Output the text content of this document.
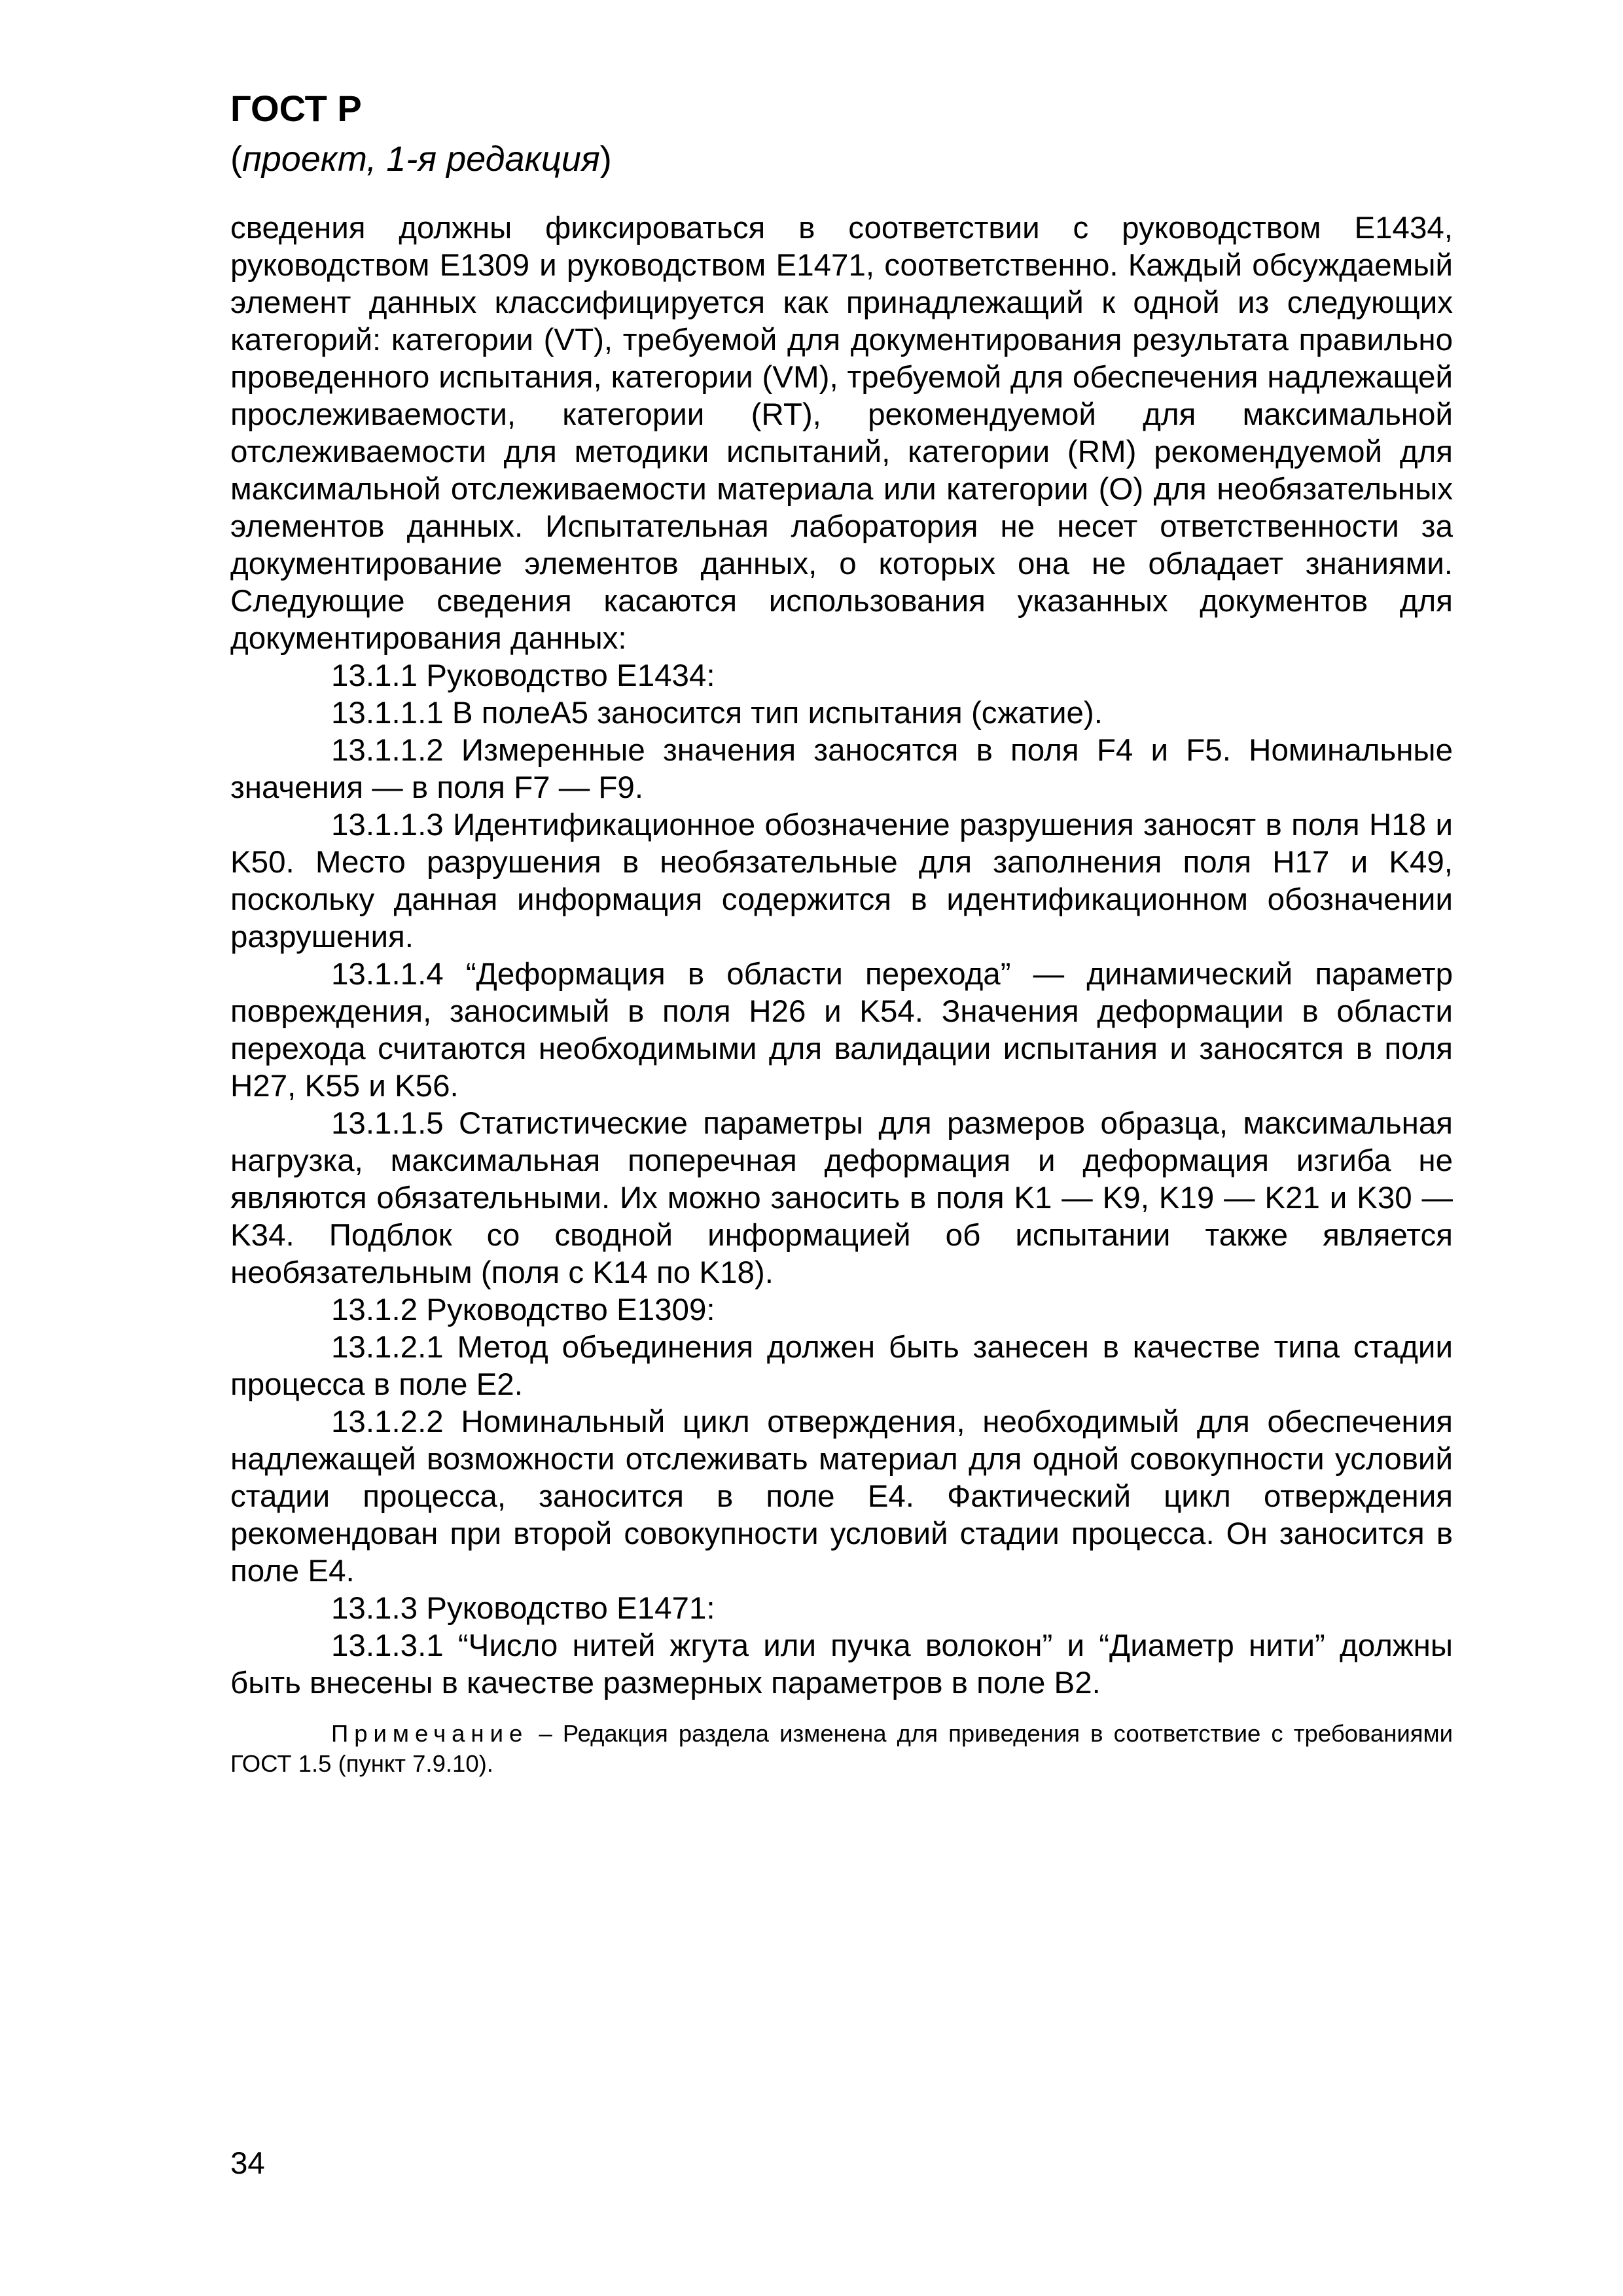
ГОСТ Р
(проект, 1-я редакция)

сведения должны фиксироваться в соответствии с руководством E1434, руководством E1309 и руководством E1471, соответственно. Каждый обсуждаемый элемент данных классифицируется как принадлежащий к одной из следующих категорий: категории (VT), требуемой для документирования результата правильно проведенного испытания, категории (VM), требуемой для обеспечения надлежащей прослеживаемости, категории (RT), рекомендуемой для максимальной отслеживаемости для методики испытаний, категории (RM) рекомендуемой для максимальной отслеживаемости материала или категории (O) для необязательных элементов данных. Испытательная лаборатория не несет ответственности за документирование элементов данных, о которых она не обладает знаниями. Следующие сведения касаются использования указанных документов для документирования данных:

13.1.1 Руководство E1434:

13.1.1.1 В полеA5 заносится тип испытания (сжатие).

13.1.1.2 Измеренные значения заносятся в поля F4 и F5. Номинальные значения — в поля F7 — F9.

13.1.1.3 Идентификационное обозначение разрушения заносят в поля H18 и K50. Место разрушения в необязательные для заполнения поля H17 и K49, поскольку данная информация содержится в идентификационном обозначении разрушения.

13.1.1.4 “Деформация в области перехода” — динамический параметр повреждения, заносимый в поля H26 и K54. Значения деформации в области перехода считаются необходимыми для валидации испытания и заносятся в поля H27, K55 и K56.

13.1.1.5 Статистические параметры для размеров образца, максимальная нагрузка, максимальная поперечная деформация и деформация изгиба не являются обязательными. Их можно заносить в поля K1 — K9, K19 — K21 и K30 — K34. Подблок со сводной информацией об испытании также является необязательным (поля с K14 по K18).

13.1.2 Руководство E1309:

13.1.2.1 Метод объединения должен быть занесен в качестве типа стадии процесса в поле E2.

13.1.2.2 Номинальный цикл отверждения, необходимый для обеспечения надлежащей возможности отслеживать материал для одной совокупности условий стадии процесса, заносится в поле E4. Фактический цикл отверждения рекомендован при второй совокупности условий стадии процесса. Он заносится в поле E4.

13.1.3 Руководство E1471:

13.1.3.1 “Число нитей жгута или пучка волокон” и “Диаметр нити” должны быть внесены в качестве размерных параметров в поле B2.

Примечание – Редакция раздела изменена для приведения в соответствие с требованиями ГОСТ 1.5 (пункт 7.9.10).
34
